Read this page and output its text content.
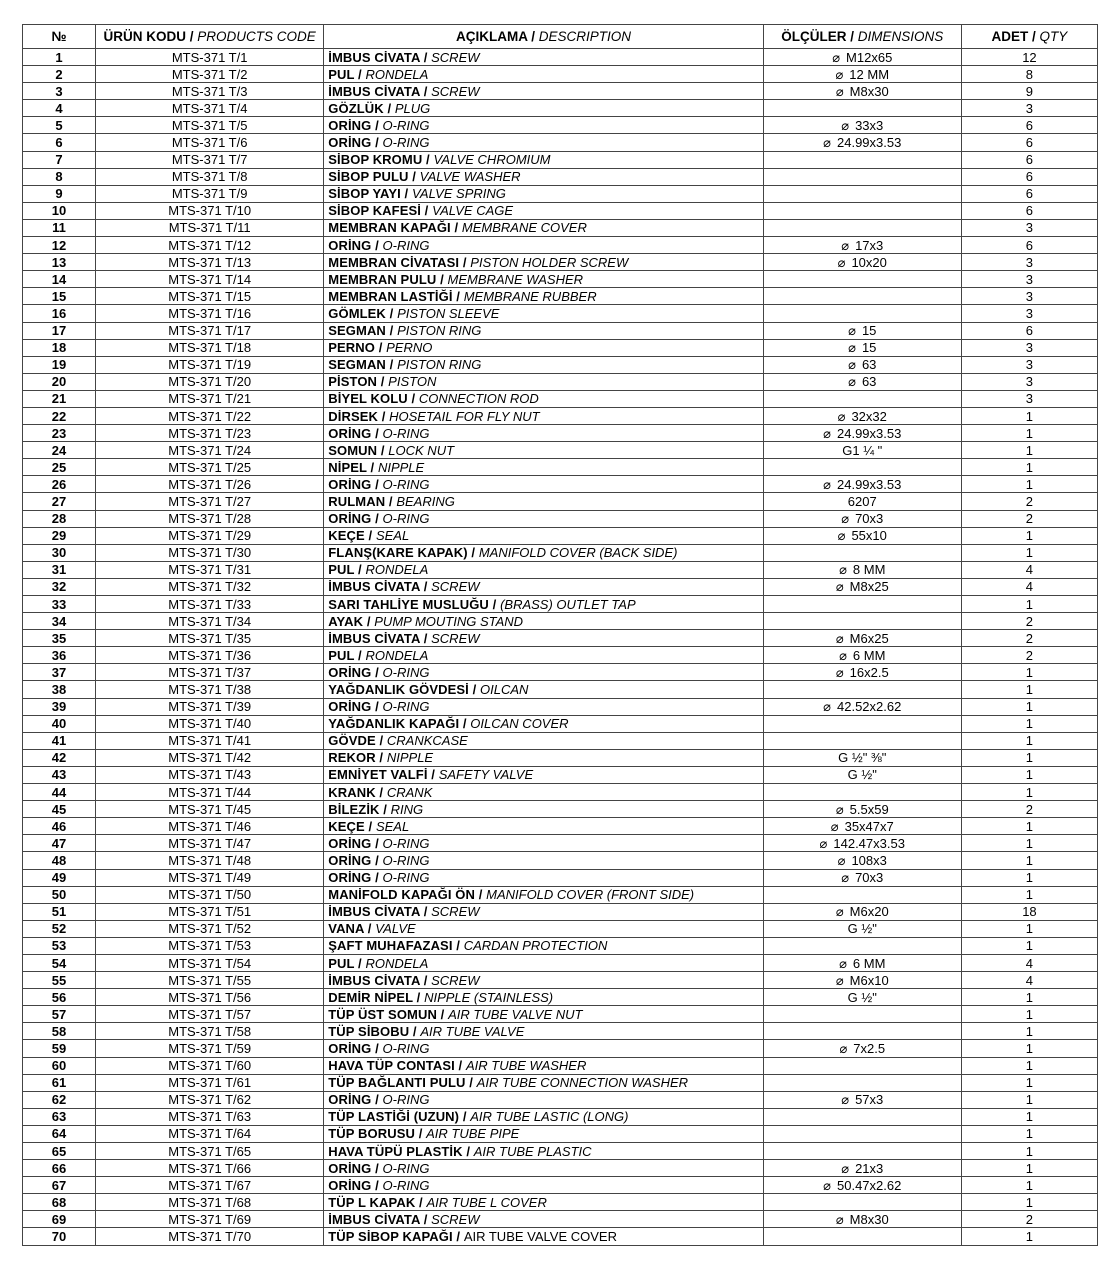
№	ÜRÜN KODU / PRODUCTS CODE	AÇIKLAMA / DESCRIPTION	ÖLÇÜLER / DIMENSIONS	ADET / QTY
1	MTS-371 T/1	İMBUS CİVATA / SCREW	⌀ M12x65	12
2	MTS-371 T/2	PUL / RONDELA	⌀ 12 MM	8
3	MTS-371 T/3	İMBUS CİVATA / SCREW	⌀ M8x30	9
4	MTS-371 T/4	GÖZLÜK / PLUG		3
5	MTS-371 T/5	ORİNG / O-RING	⌀ 33x3	6
6	MTS-371 T/6	ORİNG / O-RING	⌀ 24.99x3.53	6
7	MTS-371 T/7	SİBOP KROMU / VALVE CHROMIUM		6
8	MTS-371 T/8	SİBOP PULU / VALVE WASHER		6
9	MTS-371 T/9	SİBOP YAYI / VALVE SPRING		6
10	MTS-371 T/10	SİBOP KAFESİ / VALVE CAGE		6
11	MTS-371 T/11	MEMBRAN KAPAĞI / MEMBRANE COVER		3
12	MTS-371 T/12	ORİNG / O-RING	⌀ 17x3	6
13	MTS-371 T/13	MEMBRAN CİVATASI / PISTON HOLDER SCREW	⌀ 10x20	3
14	MTS-371 T/14	MEMBRAN PULU / MEMBRANE WASHER		3
15	MTS-371 T/15	MEMBRAN LASTİĞİ / MEMBRANE RUBBER		3
16	MTS-371 T/16	GÖMLEK / PISTON SLEEVE		3
17	MTS-371 T/17	SEGMAN / PISTON RING	⌀ 15	6
18	MTS-371 T/18	PERNO / PERNO	⌀ 15	3
19	MTS-371 T/19	SEGMAN / PISTON RING	⌀ 63	3
20	MTS-371 T/20	PİSTON / PISTON	⌀ 63	3
21	MTS-371 T/21	BİYEL KOLU / CONNECTION ROD		3
22	MTS-371 T/22	DİRSEK / HOSETAIL FOR FLY NUT	⌀ 32x32	1
23	MTS-371 T/23	ORİNG / O-RING	⌀ 24.99x3.53	1
24	MTS-371 T/24	SOMUN / LOCK NUT	G1 ¼ "	1
25	MTS-371 T/25	NİPEL / NIPPLE		1
26	MTS-371 T/26	ORİNG / O-RING	⌀ 24.99x3.53	1
27	MTS-371 T/27	RULMAN / BEARING	6207	2
28	MTS-371 T/28	ORİNG / O-RING	⌀ 70x3	2
29	MTS-371 T/29	KEÇE / SEAL	⌀ 55x10	1
30	MTS-371 T/30	FLANŞ(KARE KAPAK) / MANIFOLD COVER (BACK SIDE)		1
31	MTS-371 T/31	PUL / RONDELA	⌀ 8 MM	4
32	MTS-371 T/32	İMBUS CİVATA / SCREW	⌀ M8x25	4
33	MTS-371 T/33	SARI TAHLİYE MUSLUĞU / (BRASS) OUTLET TAP		1
34	MTS-371 T/34	AYAK / PUMP MOUTING STAND		2
35	MTS-371 T/35	İMBUS CİVATA / SCREW	⌀ M6x25	2
36	MTS-371 T/36	PUL / RONDELA	⌀ 6 MM	2
37	MTS-371 T/37	ORİNG / O-RING	⌀ 16x2.5	1
38	MTS-371 T/38	YAĞDANLIK GÖVDESİ / OILCAN		1
39	MTS-371 T/39	ORİNG / O-RING	⌀ 42.52x2.62	1
40	MTS-371 T/40	YAĞDANLIK KAPAĞI / OILCAN COVER		1
41	MTS-371 T/41	GÖVDE / CRANKCASE		1
42	MTS-371 T/42	REKOR / NIPPLE	G ½" ⅜"	1
43	MTS-371 T/43	EMNİYET VALFİ / SAFETY VALVE	G ½"	1
44	MTS-371 T/44	KRANK / CRANK		1
45	MTS-371 T/45	BİLEZİK / RING	⌀ 5.5x59	2
46	MTS-371 T/46	KEÇE / SEAL	⌀ 35x47x7	1
47	MTS-371 T/47	ORİNG / O-RING	⌀ 142.47x3.53	1
48	MTS-371 T/48	ORİNG / O-RING	⌀ 108x3	1
49	MTS-371 T/49	ORİNG / O-RING	⌀ 70x3	1
50	MTS-371 T/50	MANİFOLD KAPAĞI ÖN / MANIFOLD COVER (FRONT SIDE)		1
51	MTS-371 T/51	İMBUS CİVATA / SCREW	⌀ M6x20	18
52	MTS-371 T/52	VANA / VALVE	G ½"	1
53	MTS-371 T/53	ŞAFT MUHAFAZASI / CARDAN PROTECTION		1
54	MTS-371 T/54	PUL / RONDELA	⌀ 6 MM	4
55	MTS-371 T/55	İMBUS CİVATA / SCREW	⌀ M6x10	4
56	MTS-371 T/56	DEMİR NİPEL / NIPPLE (STAINLESS)	G ½"	1
57	MTS-371 T/57	TÜP ÜST SOMUN / AIR TUBE VALVE NUT		1
58	MTS-371 T/58	TÜP SİBOBU / AIR TUBE VALVE		1
59	MTS-371 T/59	ORİNG / O-RING	⌀ 7x2.5	1
60	MTS-371 T/60	HAVA TÜP CONTASI / AIR TUBE WASHER		1
61	MTS-371 T/61	TÜP BAĞLANTI PULU / AIR TUBE CONNECTION WASHER		1
62	MTS-371 T/62	ORİNG / O-RING	⌀ 57x3	1
63	MTS-371 T/63	TÜP LASTİĞİ (UZUN) / AIR TUBE LASTIC (LONG)		1
64	MTS-371 T/64	TÜP BORUSU / AIR TUBE PIPE		1
65	MTS-371 T/65	HAVA TÜPÜ PLASTİK / AIR TUBE PLASTIC		1
66	MTS-371 T/66	ORİNG / O-RING	⌀ 21x3	1
67	MTS-371 T/67	ORİNG / O-RING	⌀ 50.47x2.62	1
68	MTS-371 T/68	TÜP L KAPAK / AIR TUBE L COVER		1
69	MTS-371 T/69	İMBUS CİVATA / SCREW	⌀ M8x30	2
70	MTS-371 T/70	TÜP SİBOP KAPAĞI / AIR TUBE VALVE COVER		1
